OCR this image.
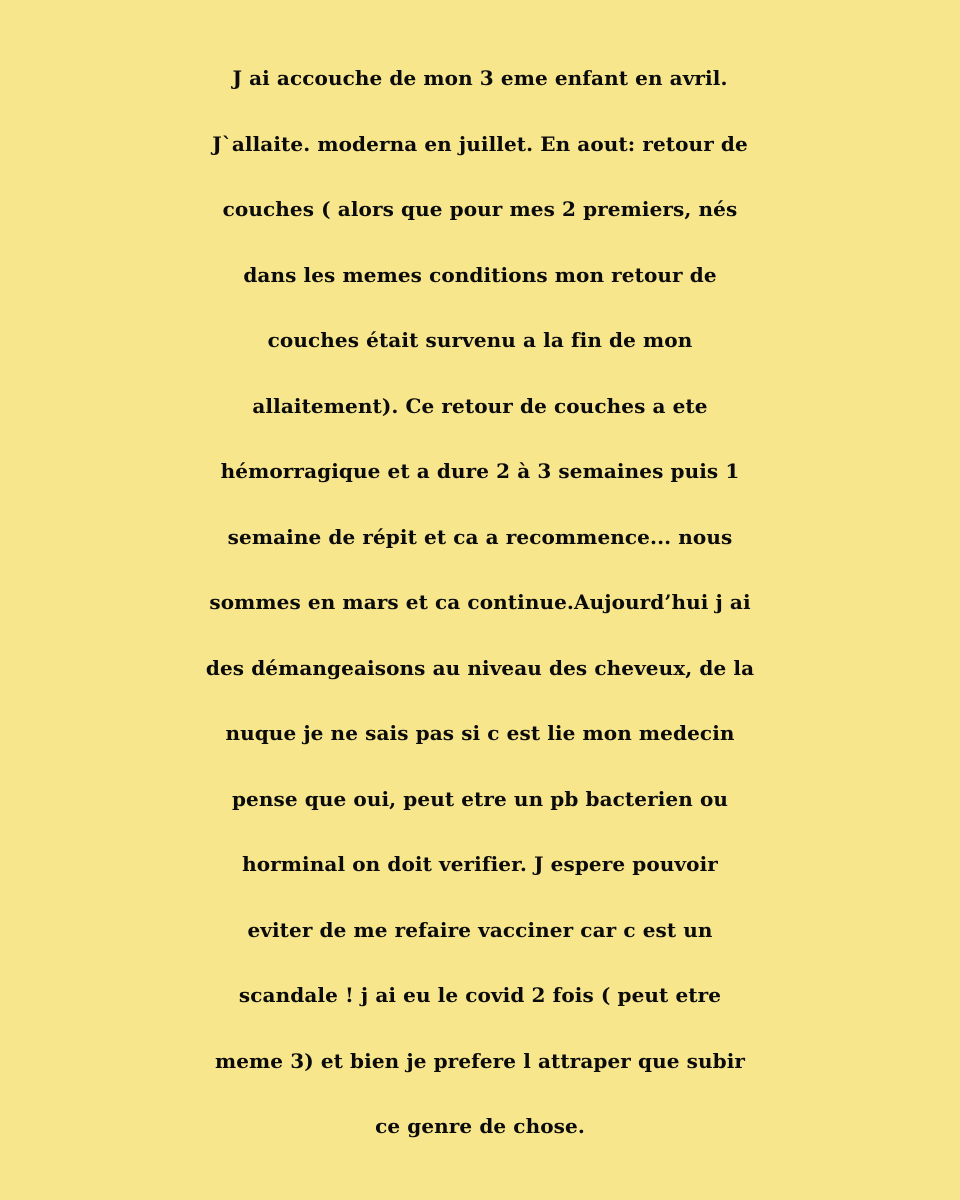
J ai accouche de mon 3 eme enfant en avril.
J`allaite. moderna en juillet. En aout: retour de
couches ( alors que pour mes 2 premiers, nés
dans les memes conditions mon retour de
couches était survenu a la fin de mon
allaitement). Ce retour de couches a ete
hémorragique et a dure 2 à 3 semaines puis 1
semaine de répit et ca a recommence... nous
sommes en mars et ca continue.Aujourd’hui j ai
des démangeaisons au niveau des cheveux, de la
nuque je ne sais pas si c est lie mon medecin
pense que oui, peut etre un pb bacterien ou
horminal on doit verifier. J espere pouvoir
eviter de me refaire vacciner car c est un
scandale ! j ai eu le covid 2 fois ( peut etre
meme 3) et bien je prefere l attraper que subir
ce genre de chose.
